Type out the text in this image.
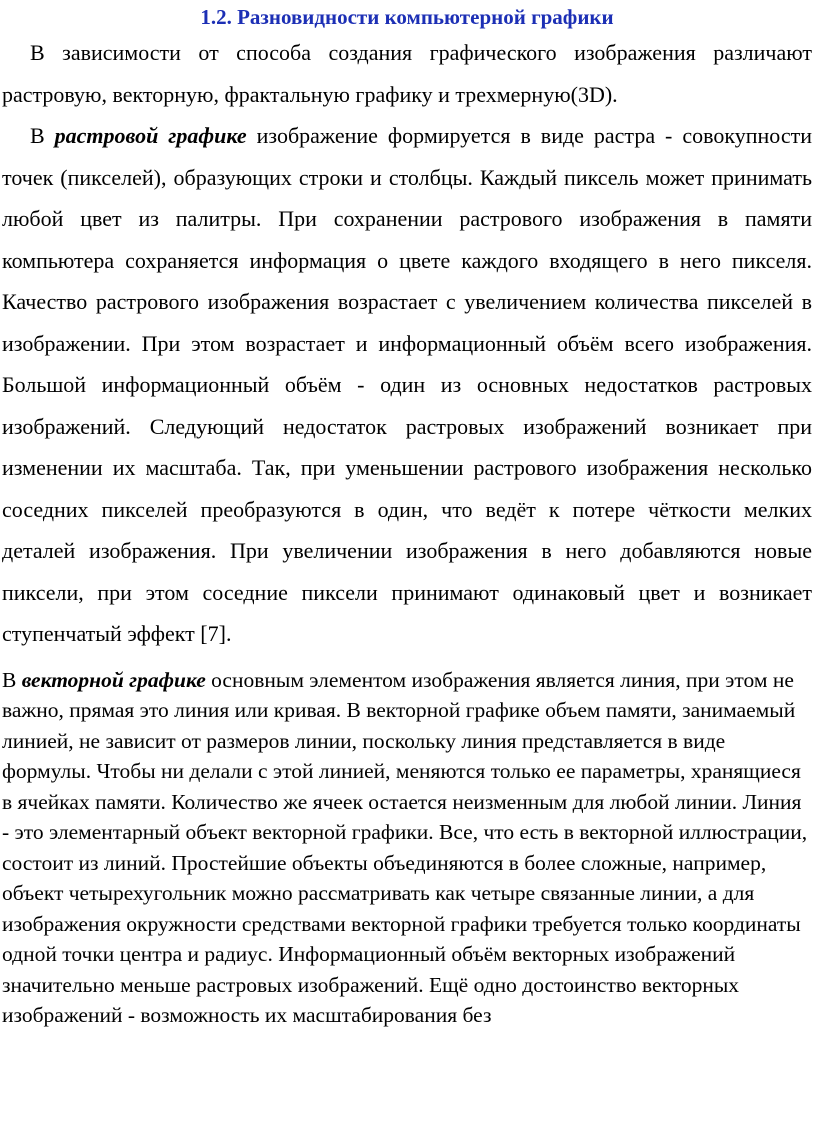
1.2. Разновидности компьютерной графики

В зависимости от способа создания графического изображения различают растровую, векторную, фрактальную графику и трехмерную(3D).

В растровой графике изображение формируется в виде растра - совокупности точек (пикселей), образующих строки и столбцы. Каждый пиксель может принимать любой цвет из палитры. При сохранении растрового изображения в памяти компьютера сохраняется информация о цвете каждого входящего в него пикселя. Качество растрового изображения возрастает с увеличением количества пикселей в изображении. При этом возрастает и информационный объём всего изображения. Большой информационный объём - один из основных недостатков растровых изображений. Следующий недостаток растровых изображений возникает при изменении их масштаба. Так, при уменьшении растрового изображения несколько соседних пикселей преобразуются в один, что ведёт к потере чёткости мелких деталей изображения. При увеличении изображения в него добавляются новые пиксели, при этом соседние пиксели принимают одинаковый цвет и возникает ступенчатый эффект [7].

В векторной графике основным элементом изображения является линия, при этом не важно, прямая это линия или кривая. В векторной графике объем памяти, занимаемый линией, не зависит от размеров линии, поскольку линия представляется в виде формулы. Чтобы ни делали с этой линией, меняются только ее параметры, хранящиеся в ячейках памяти. Количество же ячеек остается неизменным для любой линии. Линия - это элементарный объект векторной графики. Все, что есть в векторной иллюстрации, состоит из линий. Простейшие объекты объединяются в более сложные, например, объект четырехугольник можно рассматривать как четыре связанные линии, а для изображения окружности средствами векторной графики требуется только координаты одной точки центра и радиус. Информационный объём векторных изображений значительно меньше растровых изображений. Ещё одно достоинство векторных изображений - возможность их масштабирования без
